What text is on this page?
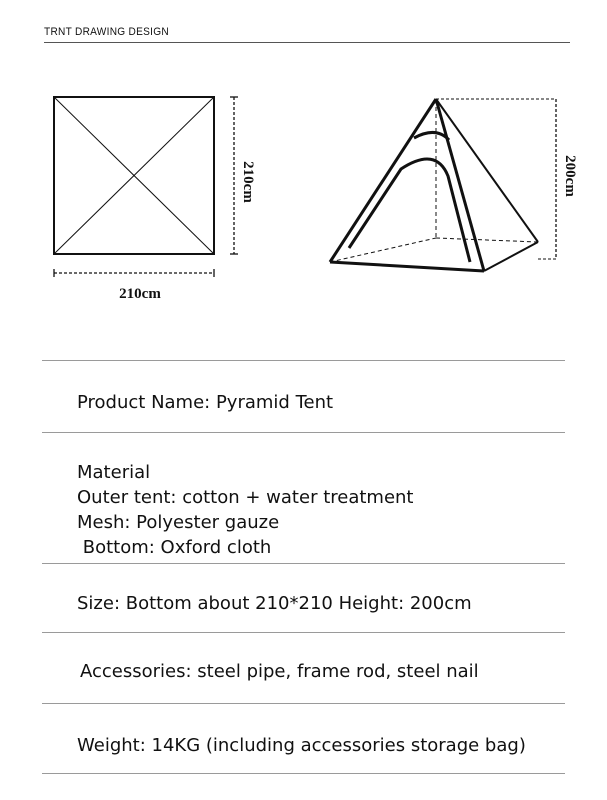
TRNT DRAWING DESIGN
210cm
210cm	200cm
Product Name: Pyramid Tent
Material
Outer tent: cotton + water treatment
Mesh: Polyester gauze
Bottom: Oxford cloth
Size: Bottom about 210*210 Height: 200cm
Accessories: steel pipe, frame rod, steel nail
Weight: 14KG (including accessories storage bag)
